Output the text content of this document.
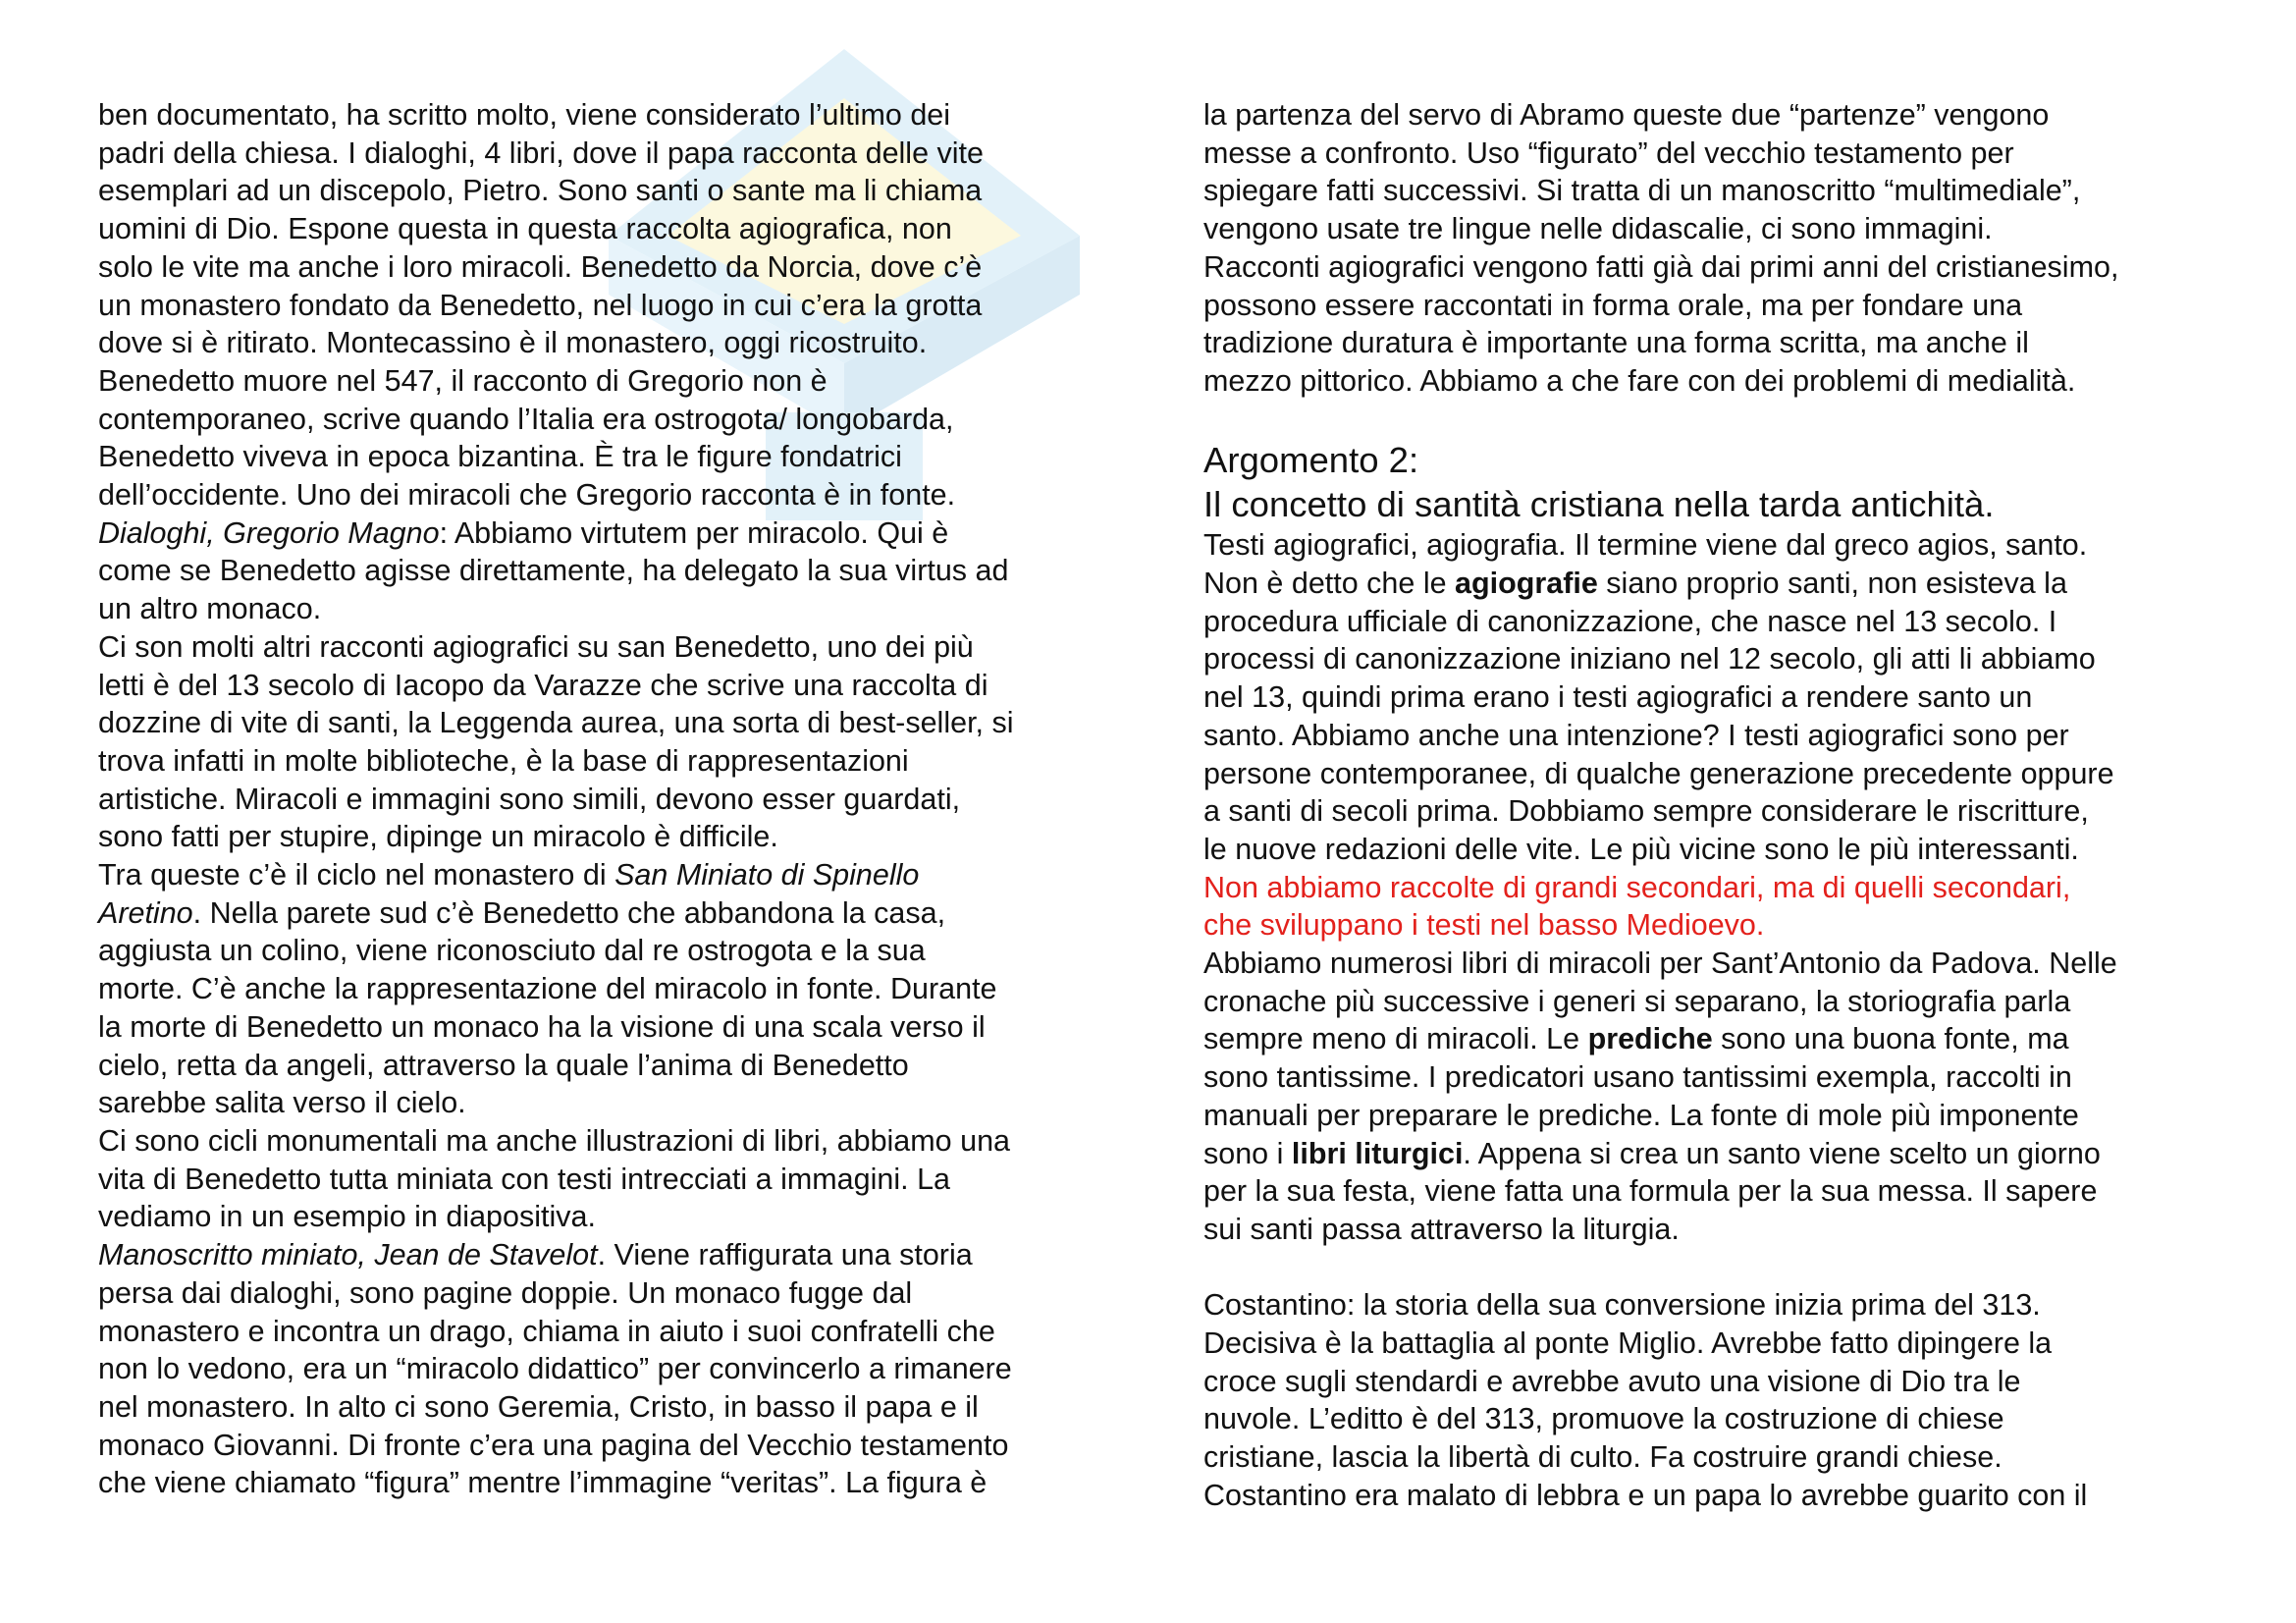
ben documentato, ha scritto molto, viene considerato l’ultimo dei
padri della chiesa. I dialoghi, 4 libri, dove il papa racconta delle vite
esemplari ad un discepolo, Pietro. Sono santi o sante ma li chiama
uomini di Dio. Espone questa in questa raccolta agiografica, non
solo le vite ma anche i loro miracoli. Benedetto da Norcia, dove c’è
un monastero fondato da Benedetto, nel luogo in cui c’era la grotta
dove si è ritirato. Montecassino è il monastero, oggi ricostruito.
Benedetto muore nel 547, il racconto di Gregorio non è
contemporaneo, scrive quando l’Italia era ostrogota/ longobarda,
Benedetto viveva in epoca bizantina. È tra le figure fondatrici
dell’occidente. Uno dei miracoli che Gregorio racconta è in fonte.

Dialoghi, Gregorio Magno: Abbiamo virtutem per miracolo. Qui è
come se Benedetto agisse direttamente, ha delegato la sua virtus ad
un altro monaco.

Ci son molti altri racconti agiografici su san Benedetto, uno dei più
letti è del 13 secolo di Iacopo da Varazze che scrive una raccolta di
dozzine di vite di santi, la Leggenda aurea, una sorta di best-seller, si
trova infatti in molte biblioteche, è la base di rappresentazioni
artistiche. Miracoli e immagini sono simili, devono esser guardati,
sono fatti per stupire, dipinge un miracolo è difficile.

Tra queste c’è il ciclo nel monastero di San Miniato di Spinello
Aretino. Nella parete sud c’è Benedetto che abbandona la casa,
aggiusta un colino, viene riconosciuto dal re ostrogota e la sua
morte. C’è anche la rappresentazione del miracolo in fonte. Durante
la morte di Benedetto un monaco ha la visione di una scala verso il
cielo, retta da angeli, attraverso la quale l’anima di Benedetto
sarebbe salita verso il cielo.

Ci sono cicli monumentali ma anche illustrazioni di libri, abbiamo una
vita di Benedetto tutta miniata con testi intrecciati a immagini. La
vediamo in un esempio in diapositiva.

Manoscritto miniato, Jean de Stavelot. Viene raffigurata una storia
persa dai dialoghi, sono pagine doppie. Un monaco fugge dal
monastero e incontra un drago, chiama in aiuto i suoi confratelli che
non lo vedono, era un “miracolo didattico” per convincerlo a rimanere
nel monastero. In alto ci sono Geremia, Cristo, in basso il papa e il
monaco Giovanni. Di fronte c’era una pagina del Vecchio testamento
che viene chiamato “figura” mentre l’immagine “veritas”. La figura è

la partenza del servo di Abramo queste due “partenze” vengono
messe a confronto. Uso “figurato” del vecchio testamento per
spiegare fatti successivi. Si tratta di un manoscritto “multimediale”,
vengono usate tre lingue nelle didascalie, ci sono immagini.
Racconti agiografici vengono fatti già dai primi anni del cristianesimo,
possono essere raccontati in forma orale, ma per fondare una
tradizione duratura è importante una forma scritta, ma anche il
mezzo pittorico. Abbiamo a che fare con dei problemi di medialità.

Argomento 2:
Il concetto di santità cristiana nella tarda antichità.

Testi agiografici, agiografia. Il termine viene dal greco agios, santo.
Non è detto che le agiografie siano proprio santi, non esisteva la
procedura ufficiale di canonizzazione, che nasce nel 13 secolo. I
processi di canonizzazione iniziano nel 12 secolo, gli atti li abbiamo
nel 13, quindi prima erano i testi agiografici a rendere santo un
santo. Abbiamo anche una intenzione? I testi agiografici sono per
persone contemporanee, di qualche generazione precedente oppure
a santi di secoli prima. Dobbiamo sempre considerare le riscritture,
le nuove redazioni delle vite. Le più vicine sono le più interessanti.

Non abbiamo raccolte di grandi secondari, ma di quelli secondari,
che sviluppano i testi nel basso Medioevo.

Abbiamo numerosi libri di miracoli per Sant’Antonio da Padova. Nelle
cronache più successive i generi si separano, la storiografia parla
sempre meno di miracoli. Le prediche sono una buona fonte, ma
sono tantissime. I predicatori usano tantissimi exempla, raccolti in
manuali per preparare le prediche. La fonte di mole più imponente
sono i libri liturgici. Appena si crea un santo viene scelto un giorno
per la sua festa, viene fatta una formula per la sua messa. Il sapere
sui santi passa attraverso la liturgia.

Costantino: la storia della sua conversione inizia prima del 313.
Decisiva è la battaglia al ponte Miglio. Avrebbe fatto dipingere la
croce sugli stendardi e avrebbe avuto una visione di Dio tra le
nuvole. L’editto è del 313, promuove la costruzione di chiese
cristiane, lascia la libertà di culto. Fa costruire grandi chiese.
Costantino era malato di lebbra e un papa lo avrebbe guarito con il
